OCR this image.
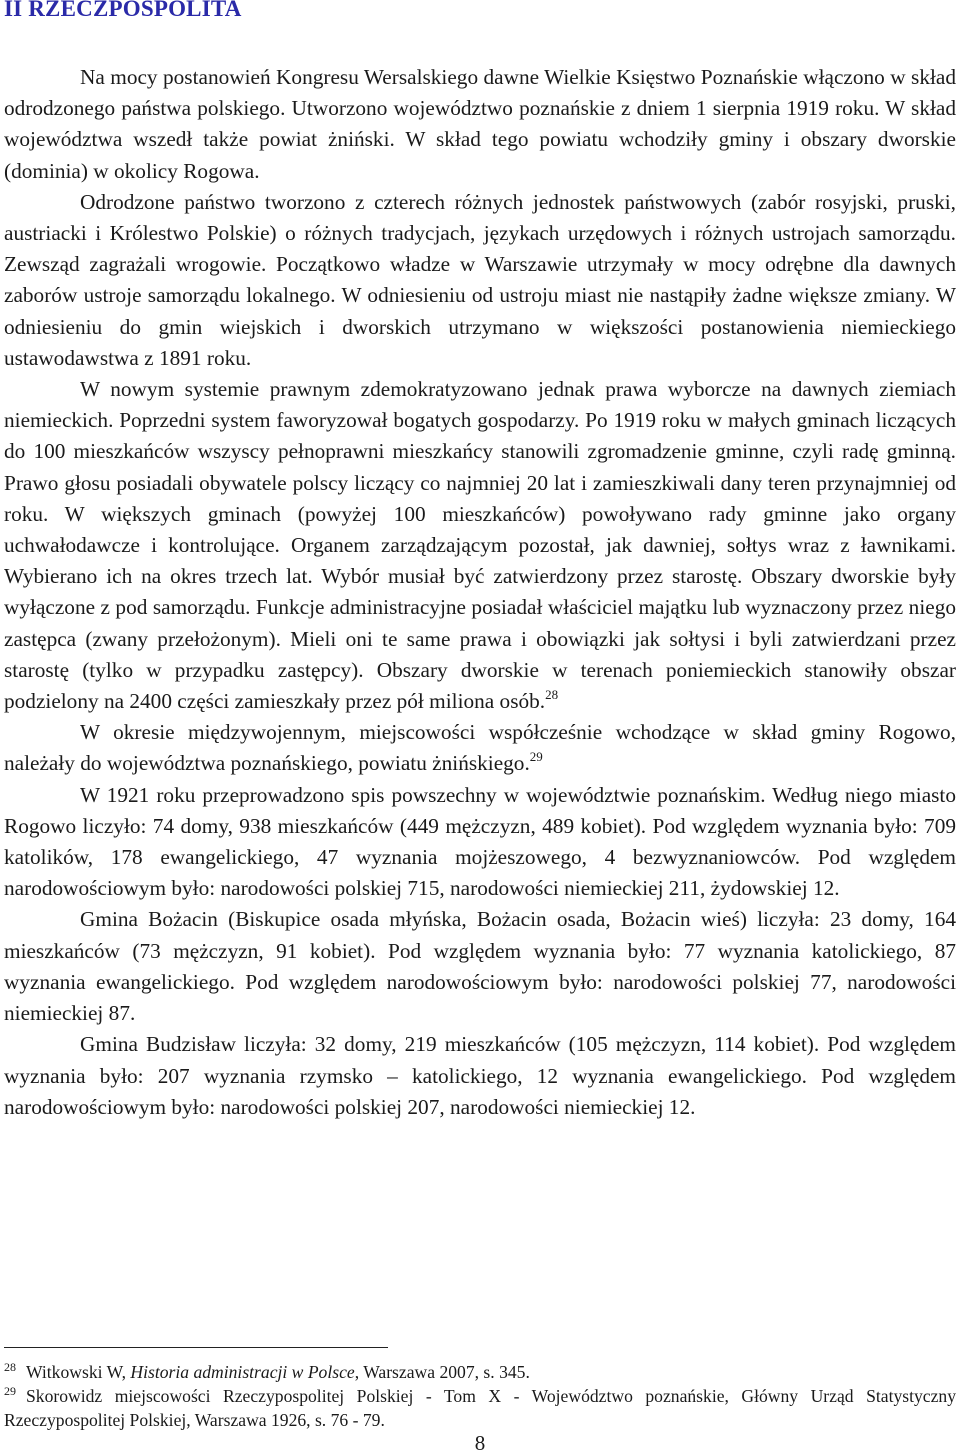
II RZECZPOSPOLITA

Na mocy postanowień Kongresu Wersalskiego dawne Wielkie Księstwo Poznańskie włączono w skład odrodzonego państwa polskiego. Utworzono województwo poznańskie z dniem 1 sierpnia 1919 roku. W skład województwa wszedł także powiat żniński. W skład tego powiatu wchodziły gminy i obszary dworskie (dominia) w okolicy Rogowa.

Odrodzone państwo tworzono z czterech różnych jednostek państwowych (zabór rosyjski, pruski, austriacki i Królestwo Polskie) o różnych tradycjach, językach urzędowych i różnych ustrojach samorządu. Zewsząd zagrażali wrogowie. Początkowo władze w Warszawie utrzymały w mocy odrębne dla dawnych zaborów ustroje samorządu lokalnego. W odniesieniu od ustroju miast nie nastąpiły żadne większe zmiany. W odniesieniu do gmin wiejskich i dworskich utrzymano w większości postanowienia niemieckiego ustawodawstwa z 1891 roku.

W nowym systemie prawnym zdemokratyzowano jednak prawa wyborcze na dawnych ziemiach niemieckich. Poprzedni system faworyzował bogatych gospodarzy. Po 1919 roku w małych gminach liczących do 100 mieszkańców wszyscy pełnoprawni mieszkańcy stanowili zgromadzenie gminne, czyli radę gminną. Prawo głosu posiadali obywatele polscy liczący co najmniej 20 lat i zamieszkiwali dany teren przynajmniej od roku. W większych gminach (powyżej 100 mieszkańców) powoływano rady gminne jako organy uchwałodawcze i kontrolujące. Organem zarządzającym pozostał, jak dawniej, sołtys wraz z ławnikami. Wybierano ich na okres trzech lat. Wybór musiał być zatwierdzony przez starostę. Obszary dworskie były wyłączone z pod samorządu. Funkcje administracyjne posiadał właściciel majątku lub wyznaczony przez niego zastępca (zwany przełożonym). Mieli oni te same prawa i obowiązki jak sołtysi i byli zatwierdzani przez starostę (tylko w przypadku zastępcy). Obszary dworskie w terenach poniemieckich stanowiły obszar podzielony na 2400 części zamieszkały przez pół miliona osób.$^{28}$

W okresie międzywojennym, miejscowości współcześnie wchodzące w skład gminy Rogowo, należały do województwa poznańskiego, powiatu żnińskiego.$^{29}$

W 1921 roku przeprowadzono spis powszechny w województwie poznańskim. Według niego miasto Rogowo liczyło: 74 domy, 938 mieszkańców (449 mężczyzn, 489 kobiet). Pod względem wyznania było: 709 katolików, 178 ewangelickiego, 47 wyznania mojżeszowego, 4 bezwyznaniowców. Pod względem narodowościowym było: narodowości polskiej 715, narodowości niemieckiej 211, żydowskiej 12.

Gmina Bożacin (Biskupice osada młyńska, Bożacin osada, Bożacin wieś) liczyła: 23 domy, 164 mieszkańców (73 mężczyzn, 91 kobiet). Pod względem wyznania było: 77 wyznania katolickiego, 87 wyznania ewangelickiego. Pod względem narodowościowym było: narodowości polskiej 77, narodowości niemieckiej 87.

Gmina Budzisław liczyła: 32 domy, 219 mieszkańców (105 mężczyzn, 114 kobiet). Pod względem wyznania było: 207 wyznania rzymsko – katolickiego, 12 wyznania ewangelickiego. Pod względem narodowościowym było: narodowości polskiej 207, narodowości niemieckiej 12.

$^{28}$ Witkowski W, Historia administracji w Polsce, Warszawa 2007, s. 345.

$^{29}$ Skorowidz miejscowości Rzeczypospolitej Polskiej - Tom X - Województwo poznańskie, Główny Urząd Statystyczny Rzeczypospolitej Polskiej, Warszawa 1926, s. 76 - 79.

8
